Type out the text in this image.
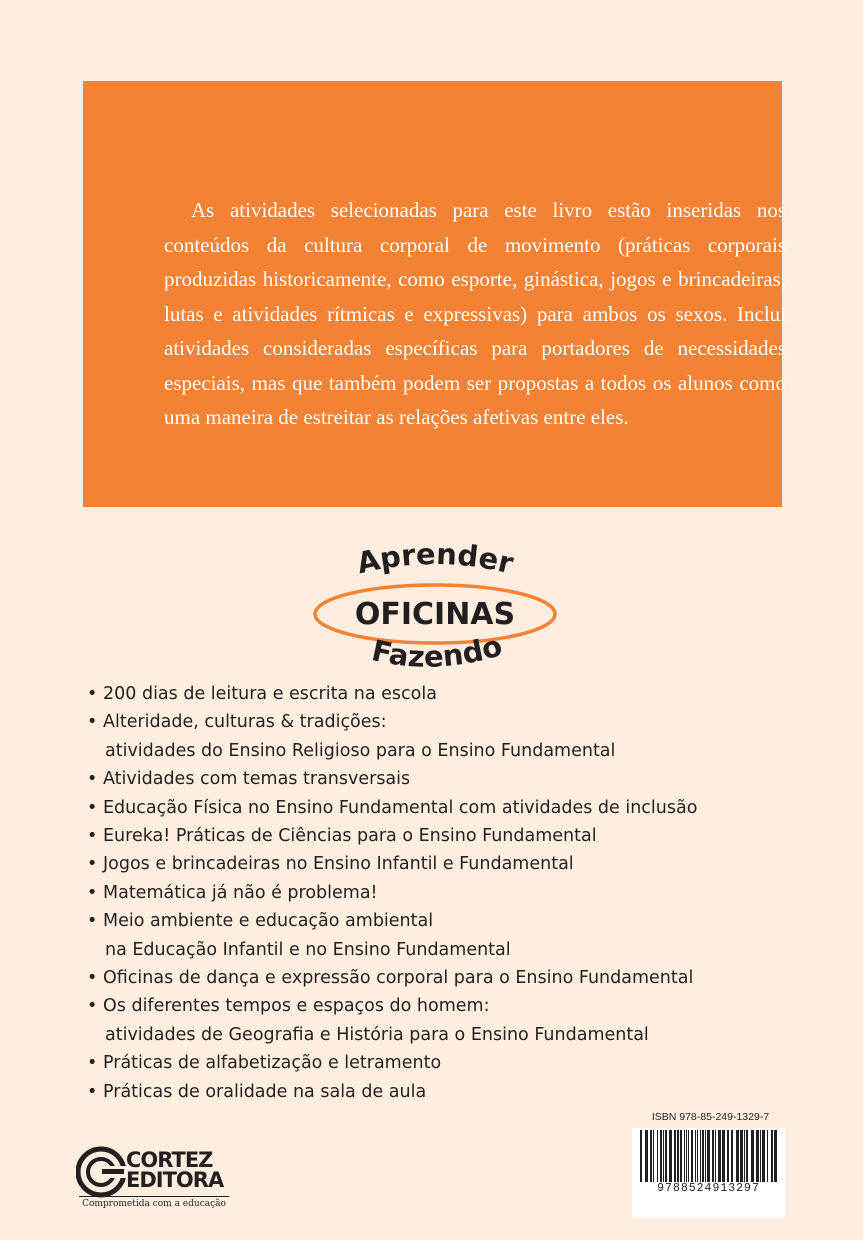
As atividades selecionadas para este livro estão inseridas nos conteúdos da cultura corporal de movimento (práticas corporais produzidas historicamente, como esporte, ginástica, jogos e brincadeiras, lutas e atividades rítmicas e expressivas) para ambos os sexos. Inclui atividades consideradas específicas para portadores de necessidades especiais, mas que também podem ser propostas a todos os alunos como uma maneira de estreitar as relações afetivas entre eles.

Aprender
OFICINAS
Fazendo
• 200 dias de leitura e escrita na escola
• Alteridade, culturas & tradições:
atividades do Ensino Religioso para o Ensino Fundamental
• Atividades com temas transversais
• Educação Física no Ensino Fundamental com atividades de inclusão
• Eureka! Práticas de Ciências para o Ensino Fundamental
• Jogos e brincadeiras no Ensino Infantil e Fundamental
• Matemática já não é problema!
• Meio ambiente e educação ambiental
na Educação Infantil e no Ensino Fundamental
• Oficinas de dança e expressão corporal para o Ensino Fundamental
• Os diferentes tempos e espaços do homem:
atividades de Geografia e História para o Ensino Fundamental
• Práticas de alfabetização e letramento
• Práticas de oralidade na sala de aula
ISBN 978-85-249-1329-7
9788524913297
CORTEZ
EDITORA
Comprometida com a educação
